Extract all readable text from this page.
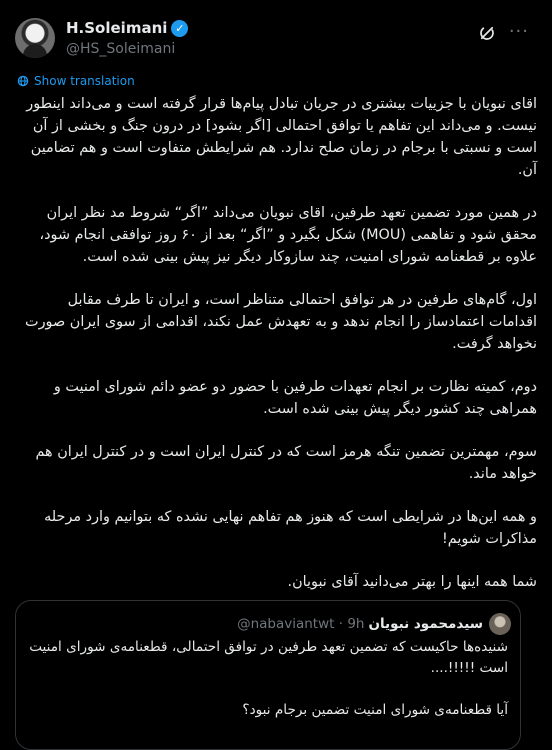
H.Soleimani ✓
@HS_Soleimani
···
Show translation

اقای نبویان با جزییات بیشتری در جریان تبادل پیام‌ها قرار گرفته است و می‌داند اینطور نیست. و می‌داند این تفاهم یا توافق احتمالی [اگر بشود] در درون جنگ و بخشی از آن است و نسبتی با برجام در زمان صلح ندارد. هم شرایطش متفاوت است و هم تضامین آن.

در همین مورد تضمین تعهد طرفین، اقای نبویان می‌داند ”اگر“ شروط مد نظر ایران محقق شود و تفاهمی (MOU) شکل بگیرد و ”اگر“ بعد از ۶۰ روز توافقی انجام شود، علاوه بر قطعنامه شورای امنیت، چند سازوکار دیگر نیز پیش بینی شده است.

اول، گام‌های طرفین در هر توافق احتمالی متناظر است، و ایران تا طرف مقابل اقدامات اعتمادساز را انجام ندهد و به تعهدش عمل نکند، اقدامی از سوی ایران صورت نخواهد گرفت.

دوم، کمیته نظارت بر انجام تعهدات طرفین با حضور دو عضو دائم شورای امنیت و همراهی چند کشور دیگر پیش بینی شده است.

سوم، مهمترین تضمین تنگه هرمز است که در کنترل ایران است و در کنترل ایران هم خواهد ماند.

و همه این‌ها در شرایطی است که هنوز هم تفاهم نهایی نشده که بتوانیم وارد مرحله مذاکرات شویم!

شما همه اینها را بهتر می‌دانید آقای نبویان.

سیدمحمود نبویان
@nabaviantwt · 9h

شنیده‌ها حاکیست که تضمین تعهد طرفین در توافق احتمالی، قطعنامه‌ی شورای امنیت است !!!!!....

آیا قطعنامه‌ی شورای امنیت تضمین برجام نبود؟
